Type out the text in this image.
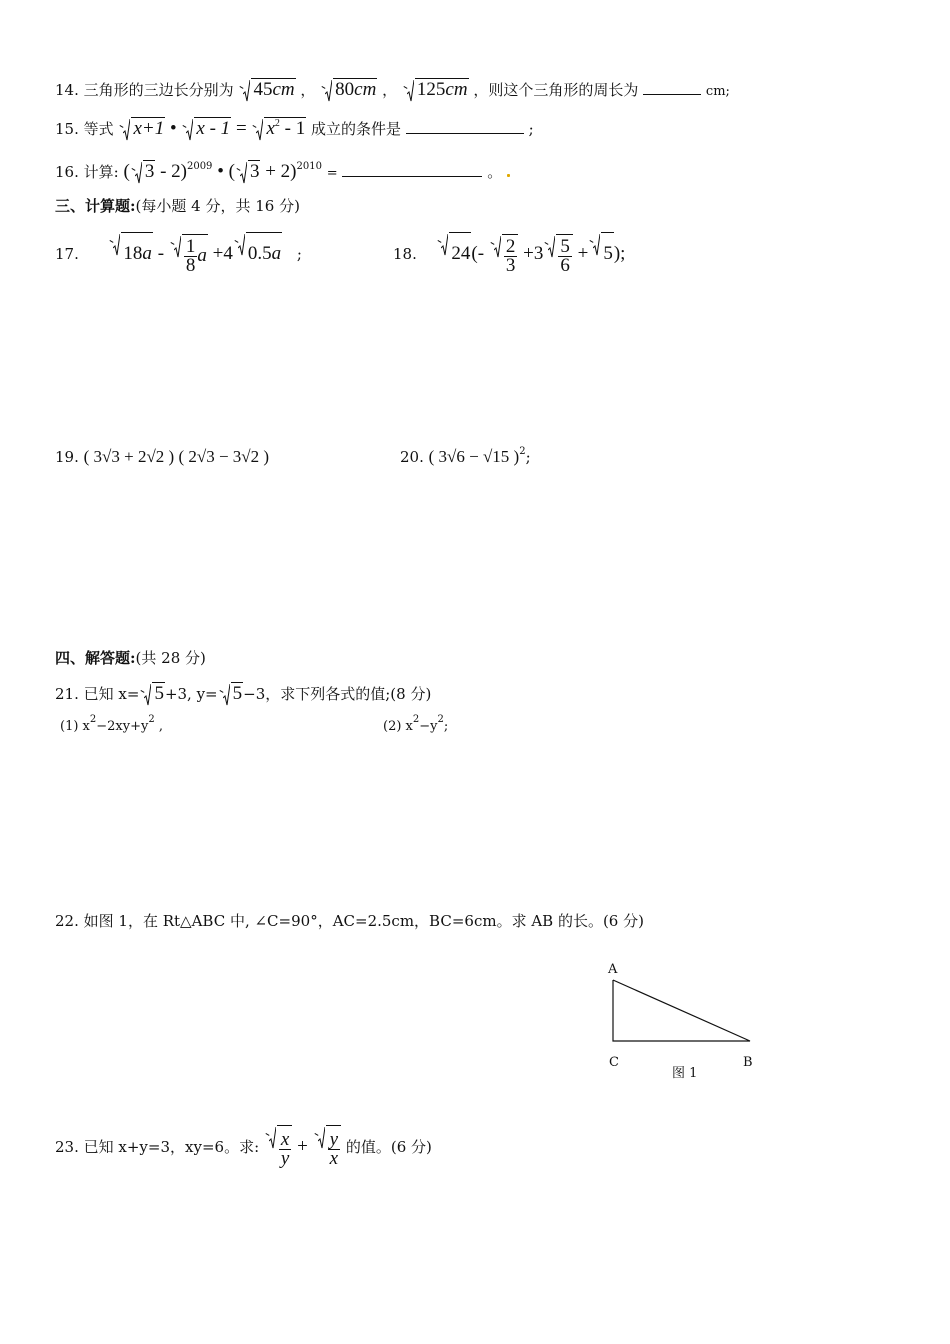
14. 三角形的三边长分别为 45cm ， 80cm ， 125cm ，则这个三角形的周长为	cm;
15. 等式 x+1 • $x - 1 = x^2 - 1$ 成立的条件是	;
16. 计算: ( 3 - 2)$^{2009}$ • ( 3 + 2)$^{2010}$ =	。
三、计算题:(每小题 4 分，共 16 分)
17. $18a - \frac{1}{8}$ a +4 0.5a ;	18. $24(- \frac{2}{3} +3 \frac{5}{6} + 5)$;
19. ( 3√3 + 2√2 ) ( 2√3 − 3√2 )	20. ( 3√6 − √15 )$^2$;
四、解答题:(共 28 分)
21. 已知 x= 5+3, y= 5−3，求下列各式的值;(8 分)
(1) $x^2-2xy+y^2$ ,	(2) $x^2-y^2$;
22. 如图 1，在 Rt△ABC 中, ∠C=90°，AC=2.5cm，BC=6cm。求 AB 的长。(6 分)
A
C	B
图 1
23. 已知 x+y=3，xy=6。求: $\frac{x}{y} + \frac{y}{x}$ 的值。(6 分)
